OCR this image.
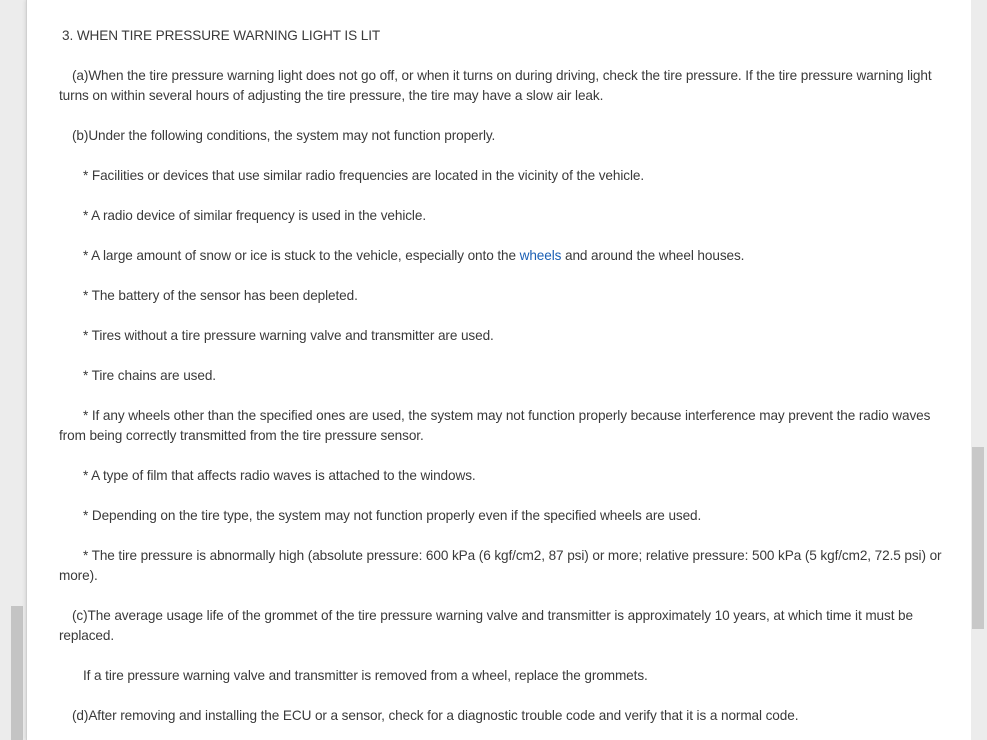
3. WHEN TIRE PRESSURE WARNING LIGHT IS LIT

(a)When the tire pressure warning light does not go off, or when it turns on during driving, check the tire pressure. If the tire pressure warning light turns on within several hours of adjusting the tire pressure, the tire may have a slow air leak.

(b)Under the following conditions, the system may not function properly.

* Facilities or devices that use similar radio frequencies are located in the vicinity of the vehicle.

* A radio device of similar frequency is used in the vehicle.

* A large amount of snow or ice is stuck to the vehicle, especially onto the wheels and around the wheel houses.

* The battery of the sensor has been depleted.

* Tires without a tire pressure warning valve and transmitter are used.

* Tire chains are used.

* If any wheels other than the specified ones are used, the system may not function properly because interference may prevent the radio waves from being correctly transmitted from the tire pressure sensor.

* A type of film that affects radio waves is attached to the windows.

* Depending on the tire type, the system may not function properly even if the specified wheels are used.

* The tire pressure is abnormally high (absolute pressure: 600 kPa (6 kgf/cm2, 87 psi) or more; relative pressure: 500 kPa (5 kgf/cm2, 72.5 psi) or more).

(c)The average usage life of the grommet of the tire pressure warning valve and transmitter is approximately 10 years, at which time it must be replaced.

If a tire pressure warning valve and transmitter is removed from a wheel, replace the grommets.

(d)After removing and installing the ECU or a sensor, check for a diagnostic trouble code and verify that it is a normal code.
